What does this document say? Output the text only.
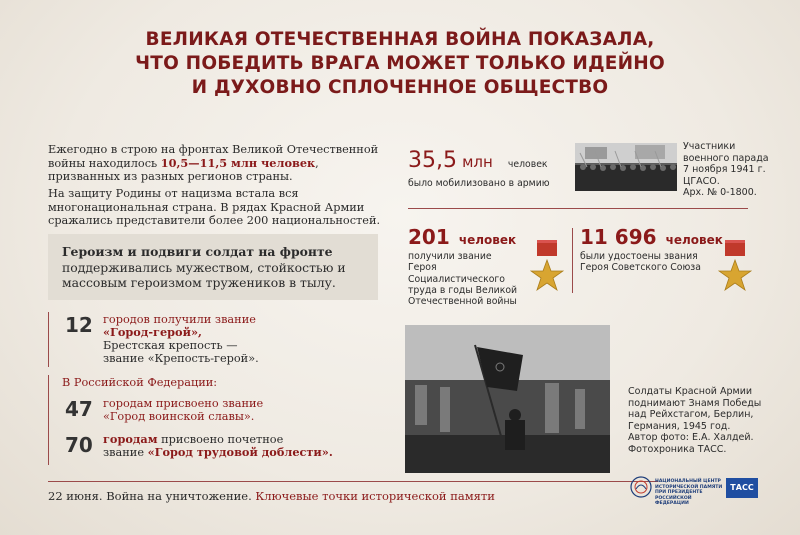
ВЕЛИКАЯ ОТЕЧЕСТВЕННАЯ ВОЙНА ПОКАЗАЛА,
ЧТО ПОБЕДИТЬ ВРАГА МОЖЕТ ТОЛЬКО ИДЕЙНО
И ДУХОВНО СПЛОЧЕННОЕ ОБЩЕСТВО
Ежегодно в строю на фронтах Великой Отечественной войны находилось 10,5—11,5 млн человек, призванных из разных регионов страны.
На защиту Родины от нацизма встала вся многонациональная страна. В рядах Красной Армии сражались представители более 200 национальностей.
Героизм и подвиги солдат на фронте
поддерживались мужеством, стойкостью и массовым героизмом тружеников в тылу.
12 городов получили звание
«Город-герой»,
Брестская крепость —
звание «Крепость-герой».
В Российской Федерации:
47 городам присвоено звание
«Город воинской славы».
70 городам присвоено почетное
звание «Город трудовой доблести».
35,5 млн человек
было мобилизовано в армию
Участники
военного парада
7 ноября 1941 г.
ЦГАСО.
Арх. № 0-1800.
201 человек
получили звание
Героя Социалистического
труда в годы Великой
Отечественной войны
11 696 человек
были удостоены звания
Героя Советского Союза
Солдаты Красной Армии
поднимают Знамя Победы
над Рейхстагом, Берлин,
Германия, 1945 год.
Автор фото: Е.А. Халдей.
Фотохроника ТАСС.
22 июня. Война на уничтожение. Ключевые точки исторической памяти
НАЦИОНАЛЬНЫЙ ЦЕНТР
ИСТОРИЧЕСКОЙ ПАМЯТИ
ПРИ ПРЕЗИДЕНТЕ
РОССИЙСКОЙ ФЕДЕРАЦИИ
ТАСС
